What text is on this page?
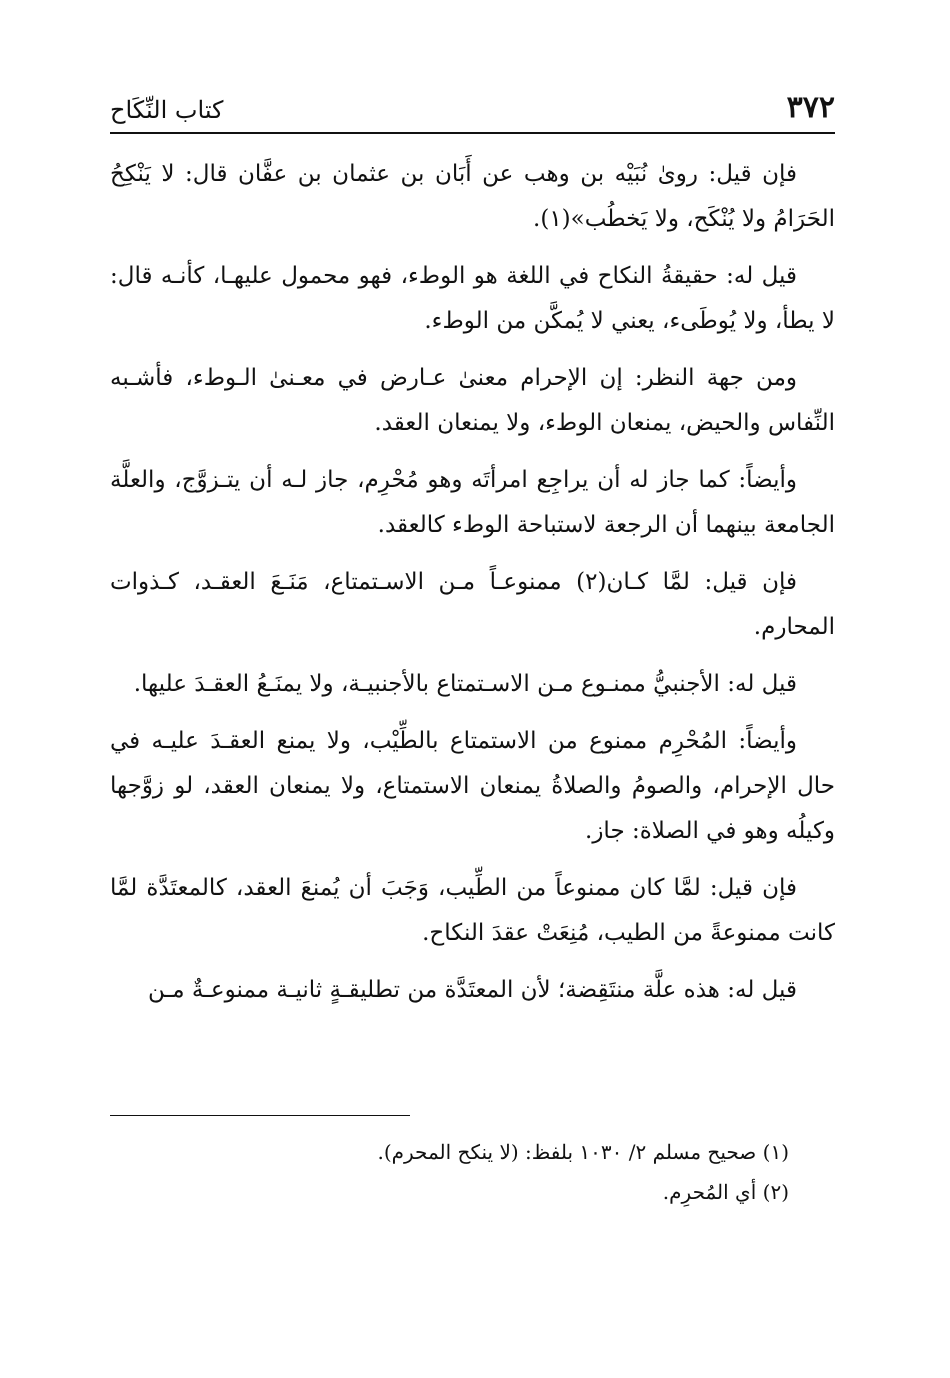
٣٧٢
كتاب النِّكَاح

فإن قيل: روىٰ نُبَيْه بن وهب عن أَبَان بن عثمان بن عفَّان قال: لا يَنْكِحُ الحَرَامُ ولا يُنْكَح، ولا يَخطُب»(١).

قيل له: حقيقةُ النكاح في اللغة هو الوطء، فهو محمول عليهـا، كأنـه قال: لا يطأ، ولا يُوطَىء، يعني لا يُمكَّن من الوطء.

ومن جهة النظر: إن الإحرام معنىٰ عـارض في معـنىٰ الـوطء، فأشـبه النِّفاس والحيض، يمنعان الوطء، ولا يمنعان العقد.

وأيضاً: كما جاز له أن يراجِع امرأتَه وهو مُحْرِم، جاز لـه أن يتـزوَّج، والعلَّة الجامعة بينهما أن الرجعة لاستباحة الوطء كالعقد.

فإن قيل: لمَّا كـان(٢) ممنوعـاً مـن الاسـتمتاع، مَنَـعَ العقـد، كـذوات المحارم.

قيل له: الأجنبيُّ ممنـوع مـن الاسـتمتاع بالأجنبيـة، ولا يمنَـعُ العقـدَ عليها.

وأيضاً: المُحْرِم ممنوع من الاستمتاع بالطِّيْب، ولا يمنع العقـدَ عليـه في حال الإحرام، والصومُ والصلاةُ يمنعان الاستمتاع، ولا يمنعان العقد، لو زوَّجها وكيلُه وهو في الصلاة: جاز.

فإن قيل: لمَّا كان ممنوعاً من الطِّيب، وَجَبَ أن يُمنعَ العقد، كالمعتَدَّة لمَّا كانت ممنوعةً من الطيب، مُنِعَتْ عقدَ النكاح.

قيل له: هذه علَّة منتَقِضة؛ لأن المعتَدَّة من تطليقـةٍ ثانيـة ممنوعـةٌ مـن

(١) صحيح مسلم ٢/ ١٠٣٠ بلفظ: (لا ينكح المحرم).

(٢) أي المُحرِم.
